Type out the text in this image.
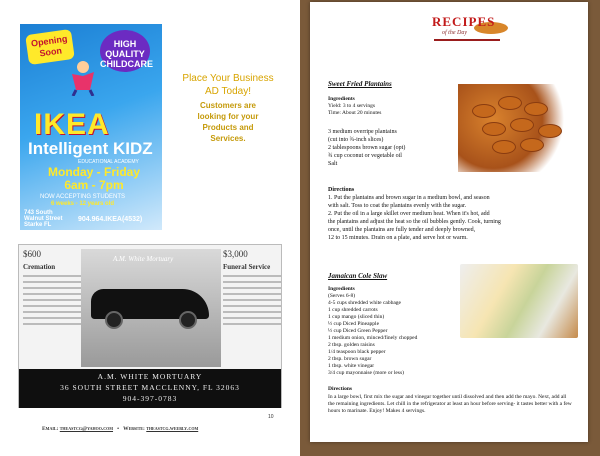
Opening Soon
HIGH QUALITY CHILDCARE
IKEA
Intelligent KIDZ
EDUCATIONAL ACADEMY
Monday - Friday
6am - 7pm
NOW ACCEPTING STUDENTS
6 weeks - 12 years old
743 South
Walnut Street
Starke FL
904.964.IKEA(4532)
Place Your Business
AD Today!
Customers are
looking for your
Products and
Services.
$600
Cremation
A.M. White Mortuary	$3,000
Funeral Service
A.M. WHITE MORTUARY
36 SOUTH STREET MACCLENNY, FL 32063
904-397-0783
10
Email: theastcg@yahoo.com   •   Website: theastcg.weebly.com
RECIPES
of the Day
Sweet Fried Plantains
Ingredients
Yield: 3 to 4 servings
Time: About 20 minutes
3 medium overripe plantains
(cut into ¾-inch slices)
2 tablespoons brown sugar (opt)
¾ cup coconut or vegetable oil
Salt
Directions
1. Put the plantains and brown sugar in a medium bowl, and season
with salt. Toss to coat the plantains evenly with the sugar.
2. Put the oil in a large skillet over medium heat. When it's hot, add
the plantains and adjust the heat so the oil bubbles gently. Cook, turning
once, until the plantains are fully tender and deeply browned,
12 to 15 minutes. Drain on a plate, and serve hot or warm.
Jamaican Cole Slaw
Ingredients
(Serves 6-8)
4-5 cups shredded white cabbage
1 cup shredded carrots
1 cup mango (sliced thin)
½ cup Diced Pineapple
½ cup Diced Green Pepper
1 medium onion, minced/finely chopped
2 tbsp. golden raisins
1/4 teaspoon black pepper
2 tbsp. brown sugar
1 tbsp. white vinegar
3/4 cup mayonnaise (more or less)
Directions
In a large bowl, first mix the sugar and vinegar together until dissolved and then add the mayo. Next, add all the remaining ingredients. Let chill in the refrigerator at least an hour before serving- it tastes better with a few hours to marinate. Enjoy! Makes 4 servings.
